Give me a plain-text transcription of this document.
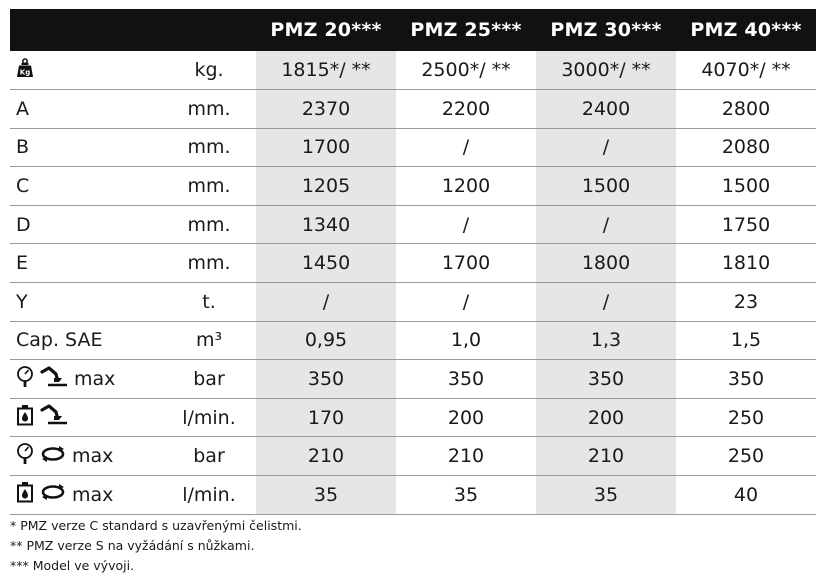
		PMZ 20***	PMZ 25***	PMZ 30***	PMZ 40***

Kg	kg.	1815*/ **	2500*/ **	3000*/ **	4070*/ **

A	mm.	2370	2200	2400	2800

B	mm.	1700	/	/	2080

C	mm.	1205	1200	1500	1500

D	mm.	1340	/	/	1750

E	mm.	1450	1700	1800	1810

Y	t.	/	/	/	23

Cap. SAE	m³	0,95	1,0	1,3	1,5

max	bar	350	350	350	350

	l/min.	170	200	200	250

max	bar	210	210	210	250

max	l/min.	35	35	35	40
* PMZ verze C standard s uzavřenými čelistmi.
** PMZ verze S na vyžádání s nůžkami.
*** Model ve vývoji.
